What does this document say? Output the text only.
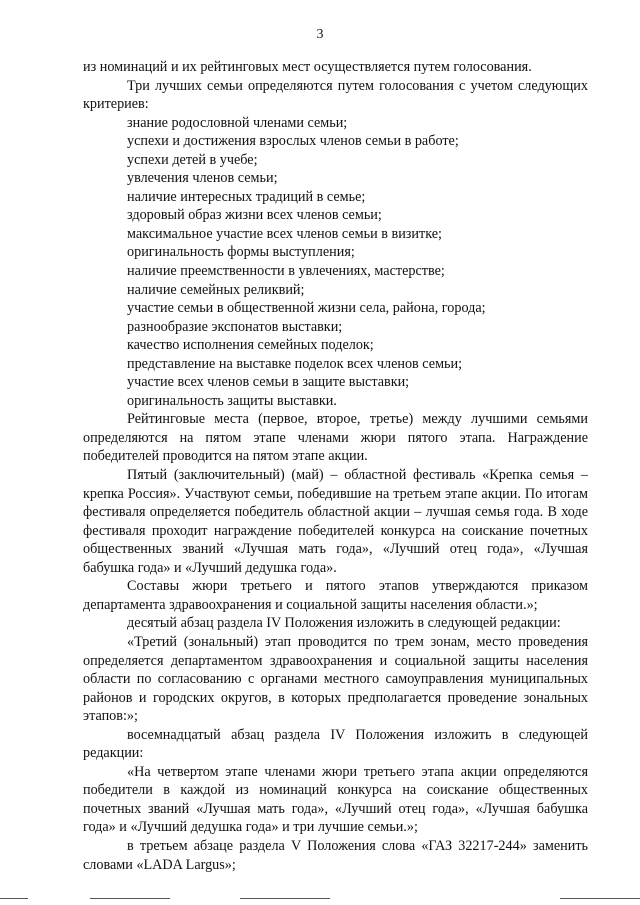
3

из номинаций и их рейтинговых мест осуществляется путем голосования.

Три лучших семьи определяются путем голосования с учетом следующих критериев:

знание родословной членами семьи;

успехи и достижения взрослых членов семьи в работе;

успехи детей в учебе;

увлечения членов семьи;

наличие интересных традиций в семье;

здоровый образ жизни всех членов семьи;

максимальное участие всех членов семьи в визитке;

оригинальность формы выступления;

наличие преемственности в увлечениях, мастерстве;

наличие семейных реликвий;

участие семьи в общественной жизни села, района, города;

разнообразие экспонатов выставки;

качество исполнения семейных поделок;

представление на выставке поделок всех членов семьи;

участие всех членов семьи в защите выставки;

оригинальность защиты выставки.

Рейтинговые места (первое, второе, третье) между лучшими семьями определяются на пятом этапе членами жюри пятого этапа. Награждение победителей проводится на пятом этапе акции.

Пятый (заключительный) (май) – областной фестиваль «Крепка семья – крепка Россия». Участвуют семьи, победившие на третьем этапе акции. По итогам фестиваля определяется победитель областной акции – лучшая семья года. В ходе фестиваля проходит награждение победителей конкурса на соискание почетных общественных званий «Лучшая мать года», «Лучший отец года», «Лучшая бабушка года» и «Лучший дедушка года».

Составы жюри третьего и пятого этапов утверждаются приказом департамента здравоохранения и социальной защиты населения области.»;

десятый абзац раздела IV Положения изложить в следующей редакции:

«Третий (зональный) этап проводится по трем зонам, место проведения определяется департаментом здравоохранения и социальной защиты населения области по согласованию с органами местного самоуправления муниципальных районов и городских округов, в которых предполагается проведение зональных этапов:»;

восемнадцатый абзац раздела IV Положения изложить в следующей редакции:

«На четвертом этапе членами жюри третьего этапа акции определяются победители в каждой из номинаций конкурса на соискание общественных почетных званий «Лучшая мать года», «Лучший отец года», «Лучшая бабушка года» и «Лучший дедушка года» и три лучшие семьи.»;

в третьем абзаце раздела V Положения слова «ГАЗ 32217-244» заменить словами «LADA Largus»;
